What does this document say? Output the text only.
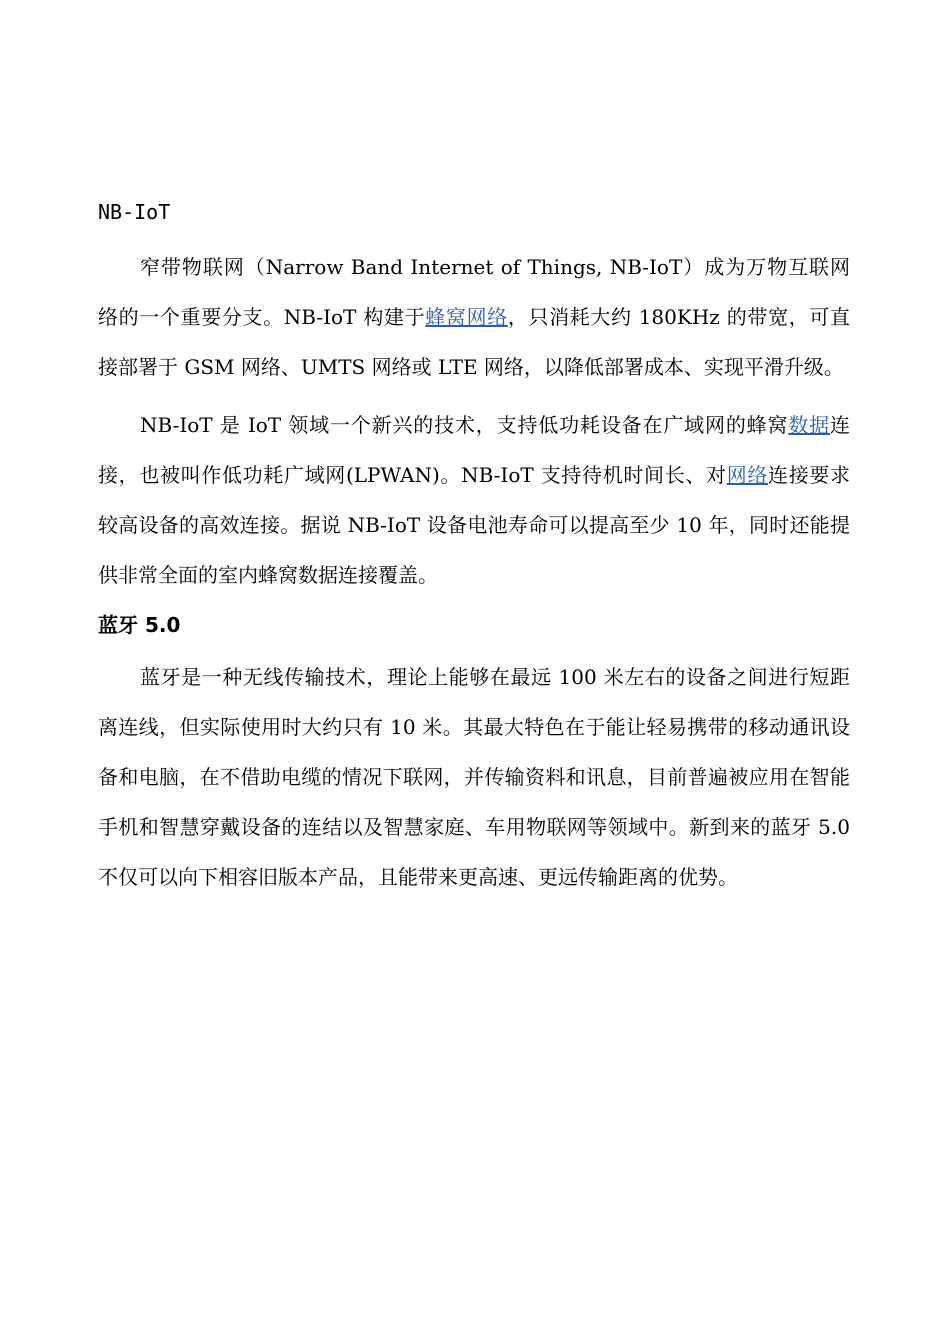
NB-IoT

窄带物联网（Narrow Band Internet of Things, NB-IoT）成为万物互联网络的一个重要分支。NB-IoT 构建于蜂窝网络，只消耗大约 180KHz 的带宽，可直接部署于 GSM 网络、UMTS 网络或 LTE 网络，以降低部署成本、实现平滑升级。

NB-IoT 是 IoT 领域一个新兴的技术，支持低功耗设备在广域网的蜂窝数据连接，也被叫作低功耗广域网(LPWAN)。NB-IoT 支持待机时间长、对网络连接要求较高设备的高效连接。据说 NB-IoT 设备电池寿命可以提高至少 10 年，同时还能提供非常全面的室内蜂窝数据连接覆盖。

蓝牙 5.0

蓝牙是一种无线传输技术，理论上能够在最远 100 米左右的设备之间进行短距离连线，但实际使用时大约只有 10 米。其最大特色在于能让轻易携带的移动通讯设备和电脑，在不借助电缆的情况下联网，并传输资料和讯息，目前普遍被应用在智能手机和智慧穿戴设备的连结以及智慧家庭、车用物联网等领域中。新到来的蓝牙 5.0 不仅可以向下相容旧版本产品，且能带来更高速、更远传输距离的优势。
